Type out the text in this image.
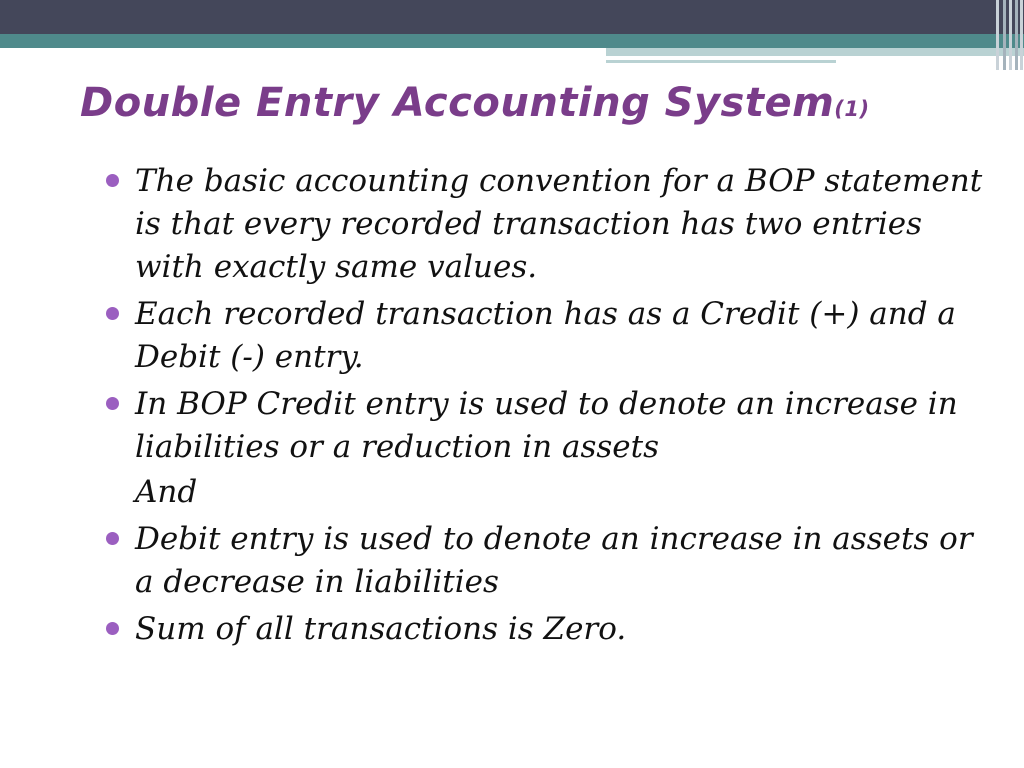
Double Entry Accounting System(1)
The basic accounting convention for a BOP statement is that every recorded transaction has two entries with exactly same values.
Each recorded transaction has as a Credit (+) and a Debit (-) entry.
In BOP Credit entry is used to denote an increase in liabilities or a reduction in assets
And
Debit entry is used to denote an increase in assets or a decrease in liabilities
Sum of all transactions is Zero.
